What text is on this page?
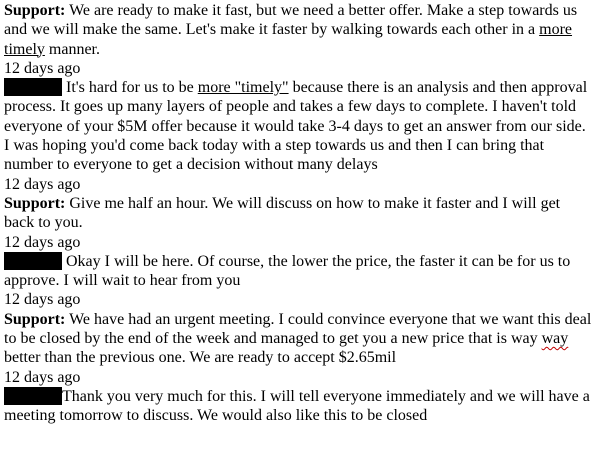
Support: We are ready to make it fast, but we need a better offer. Make a step towards us and we will make the same. Let's make it faster by walking towards each other in a more timely manner.
12 days ago
It's hard for us to be more "timely" because there is an analysis and then approval process. It goes up many layers of people and takes a few days to complete. I haven't told everyone of your $5M offer because it would take 3-4 days to get an answer from our side. I was hoping you'd come back today with a step towards us and then I can bring that number to everyone to get a decision without many delays
12 days ago
Support: Give me half an hour. We will discuss on how to make it faster and I will get back to you.
12 days ago
Okay I will be here. Of course, the lower the price, the faster it can be for us to approve. I will wait to hear from you
12 days ago
Support: We have had an urgent meeting. I could convince everyone that we want this deal to be closed by the end of the week and managed to get you a new price that is way way better than the previous one. We are ready to accept $2.65mil
12 days ago
Thank you very much for this. I will tell everyone immediately and we will have a meeting tomorrow to discuss. We would also like this to be closed
